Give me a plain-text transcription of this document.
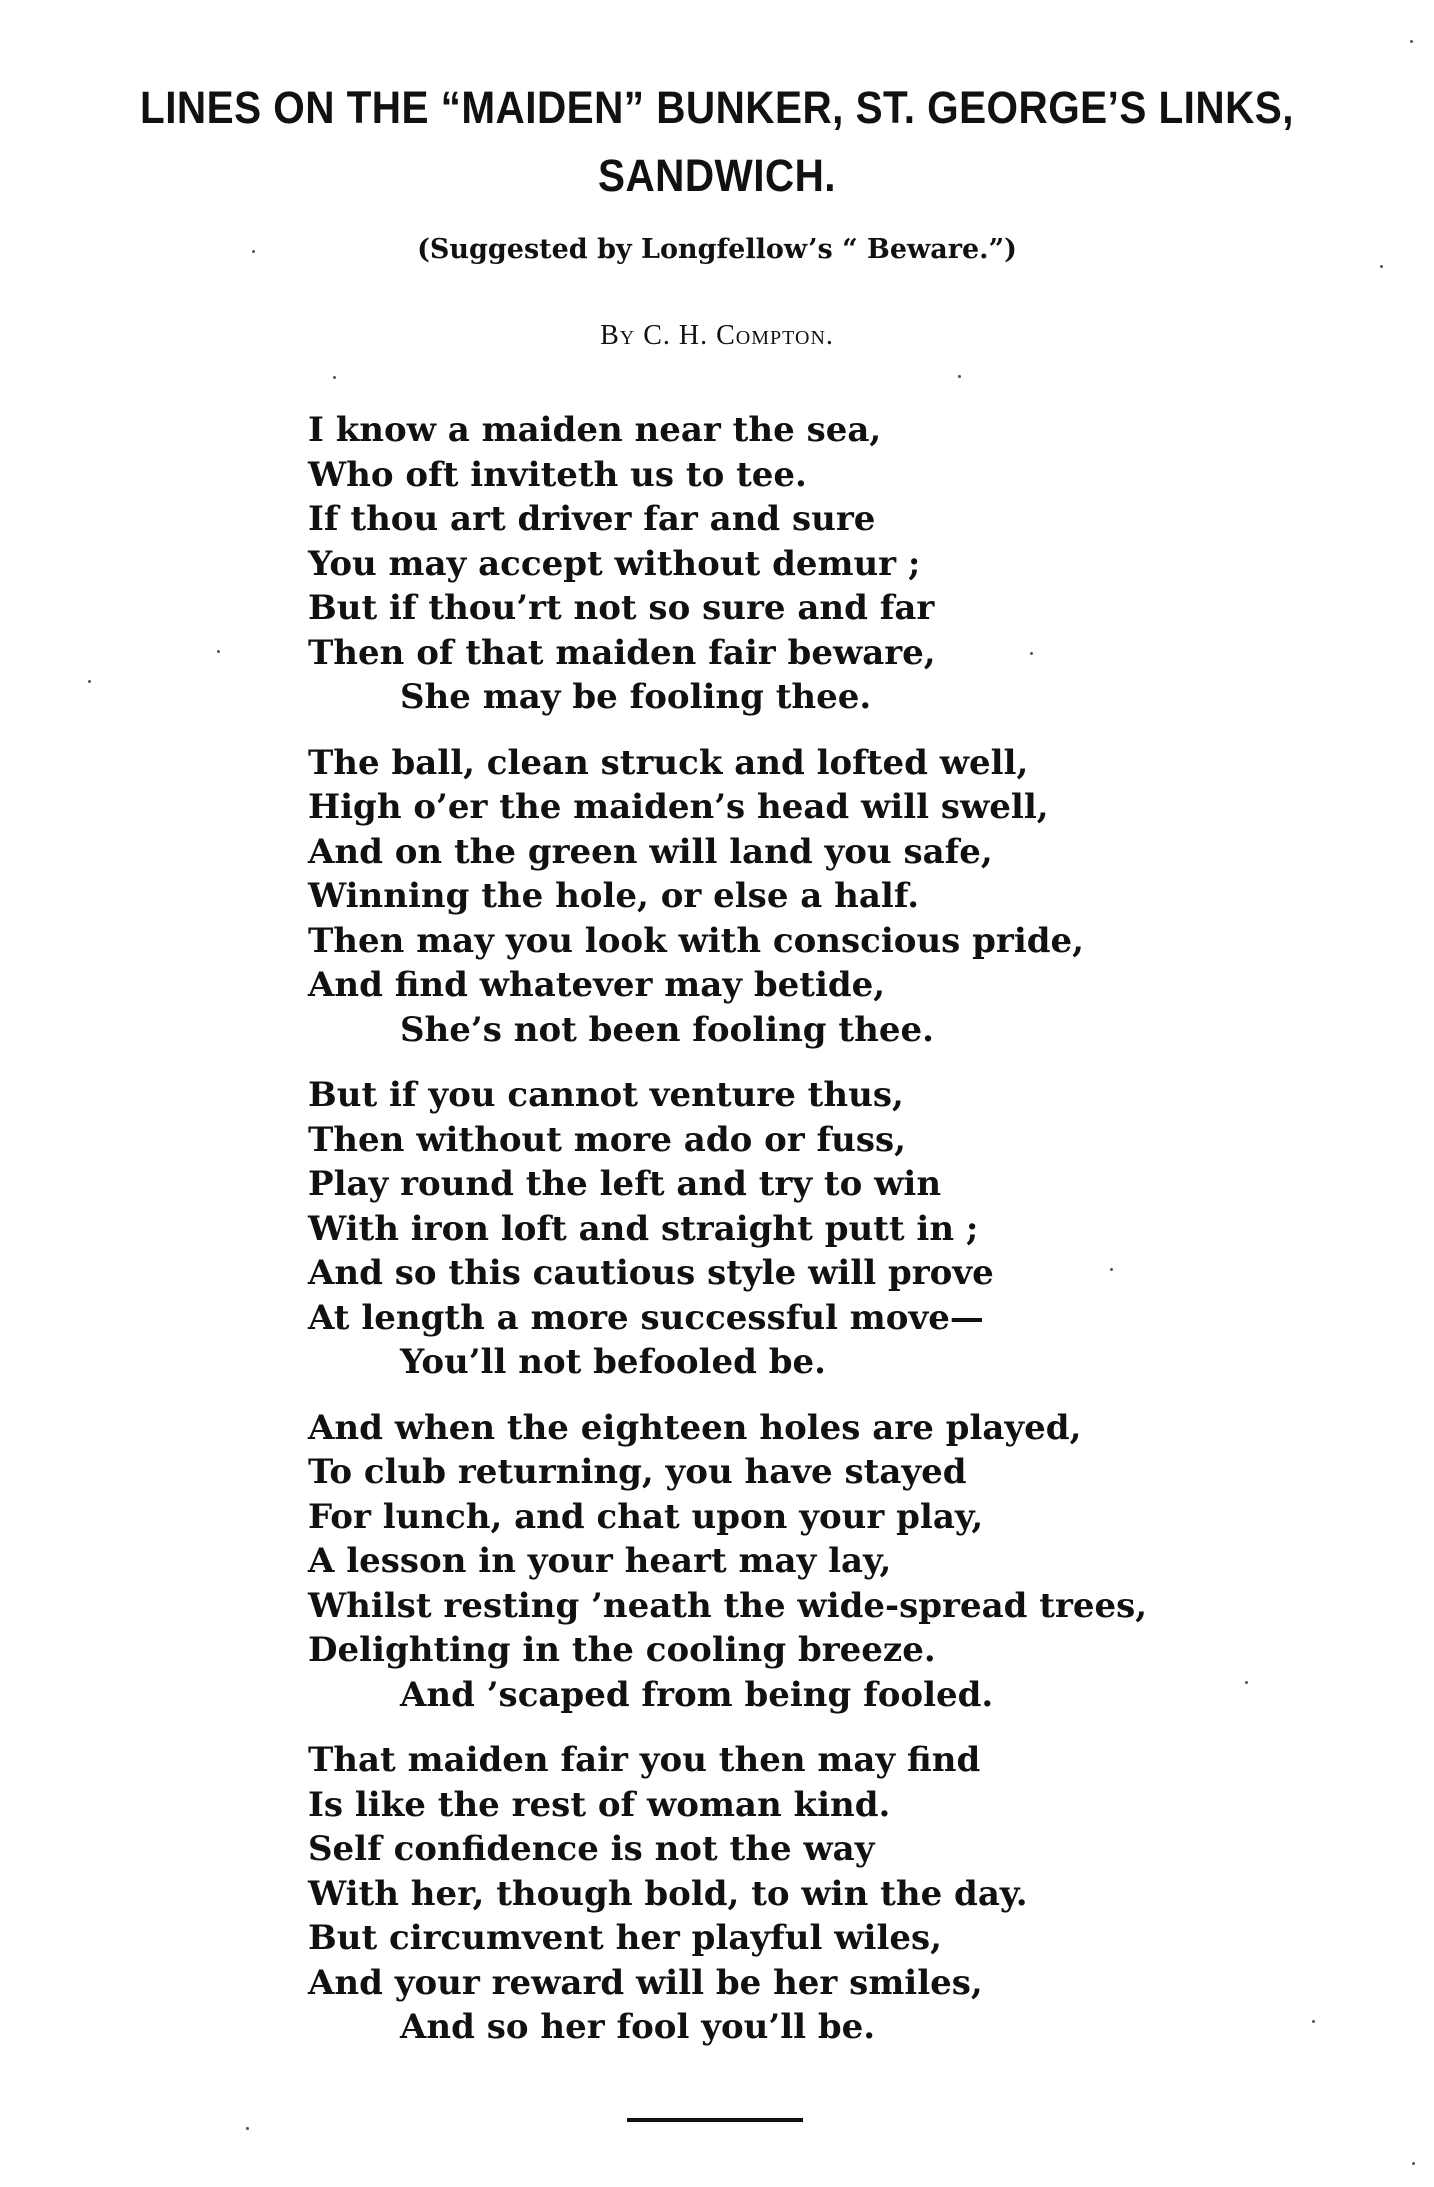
LINES ON THE “MAIDEN” BUNKER, ST. GEORGE’S LINKS,
SANDWICH.

(Suggested by Longfellow’s “ Beware.”)

By C. H. Compton.

I know a maiden near the sea,
Who oft inviteth us to tee.
If thou art driver far and sure
You may accept without demur ;
But if thou’rt not so sure and far
Then of that maiden fair beware,
She may be fooling thee.
The ball, clean struck and lofted well,
High o’er the maiden’s head will swell,
And on the green will land you safe,
Winning the hole, or else a half.
Then may you look with conscious pride,
And find whatever may betide,
She’s not been fooling thee.
But if you cannot venture thus,
Then without more ado or fuss,
Play round the left and try to win
With iron loft and straight putt in ;
And so this cautious style will prove
At length a more successful move—
You’ll not befooled be.
And when the eighteen holes are played,
To club returning, you have stayed
For lunch, and chat upon your play,
A lesson in your heart may lay,
Whilst resting ’neath the wide-spread trees,
Delighting in the cooling breeze.
And ’scaped from being fooled.
That maiden fair you then may find
Is like the rest of woman kind.
Self confidence is not the way
With her, though bold, to win the day.
But circumvent her playful wiles,
And your reward will be her smiles,
And so her fool you’ll be.
